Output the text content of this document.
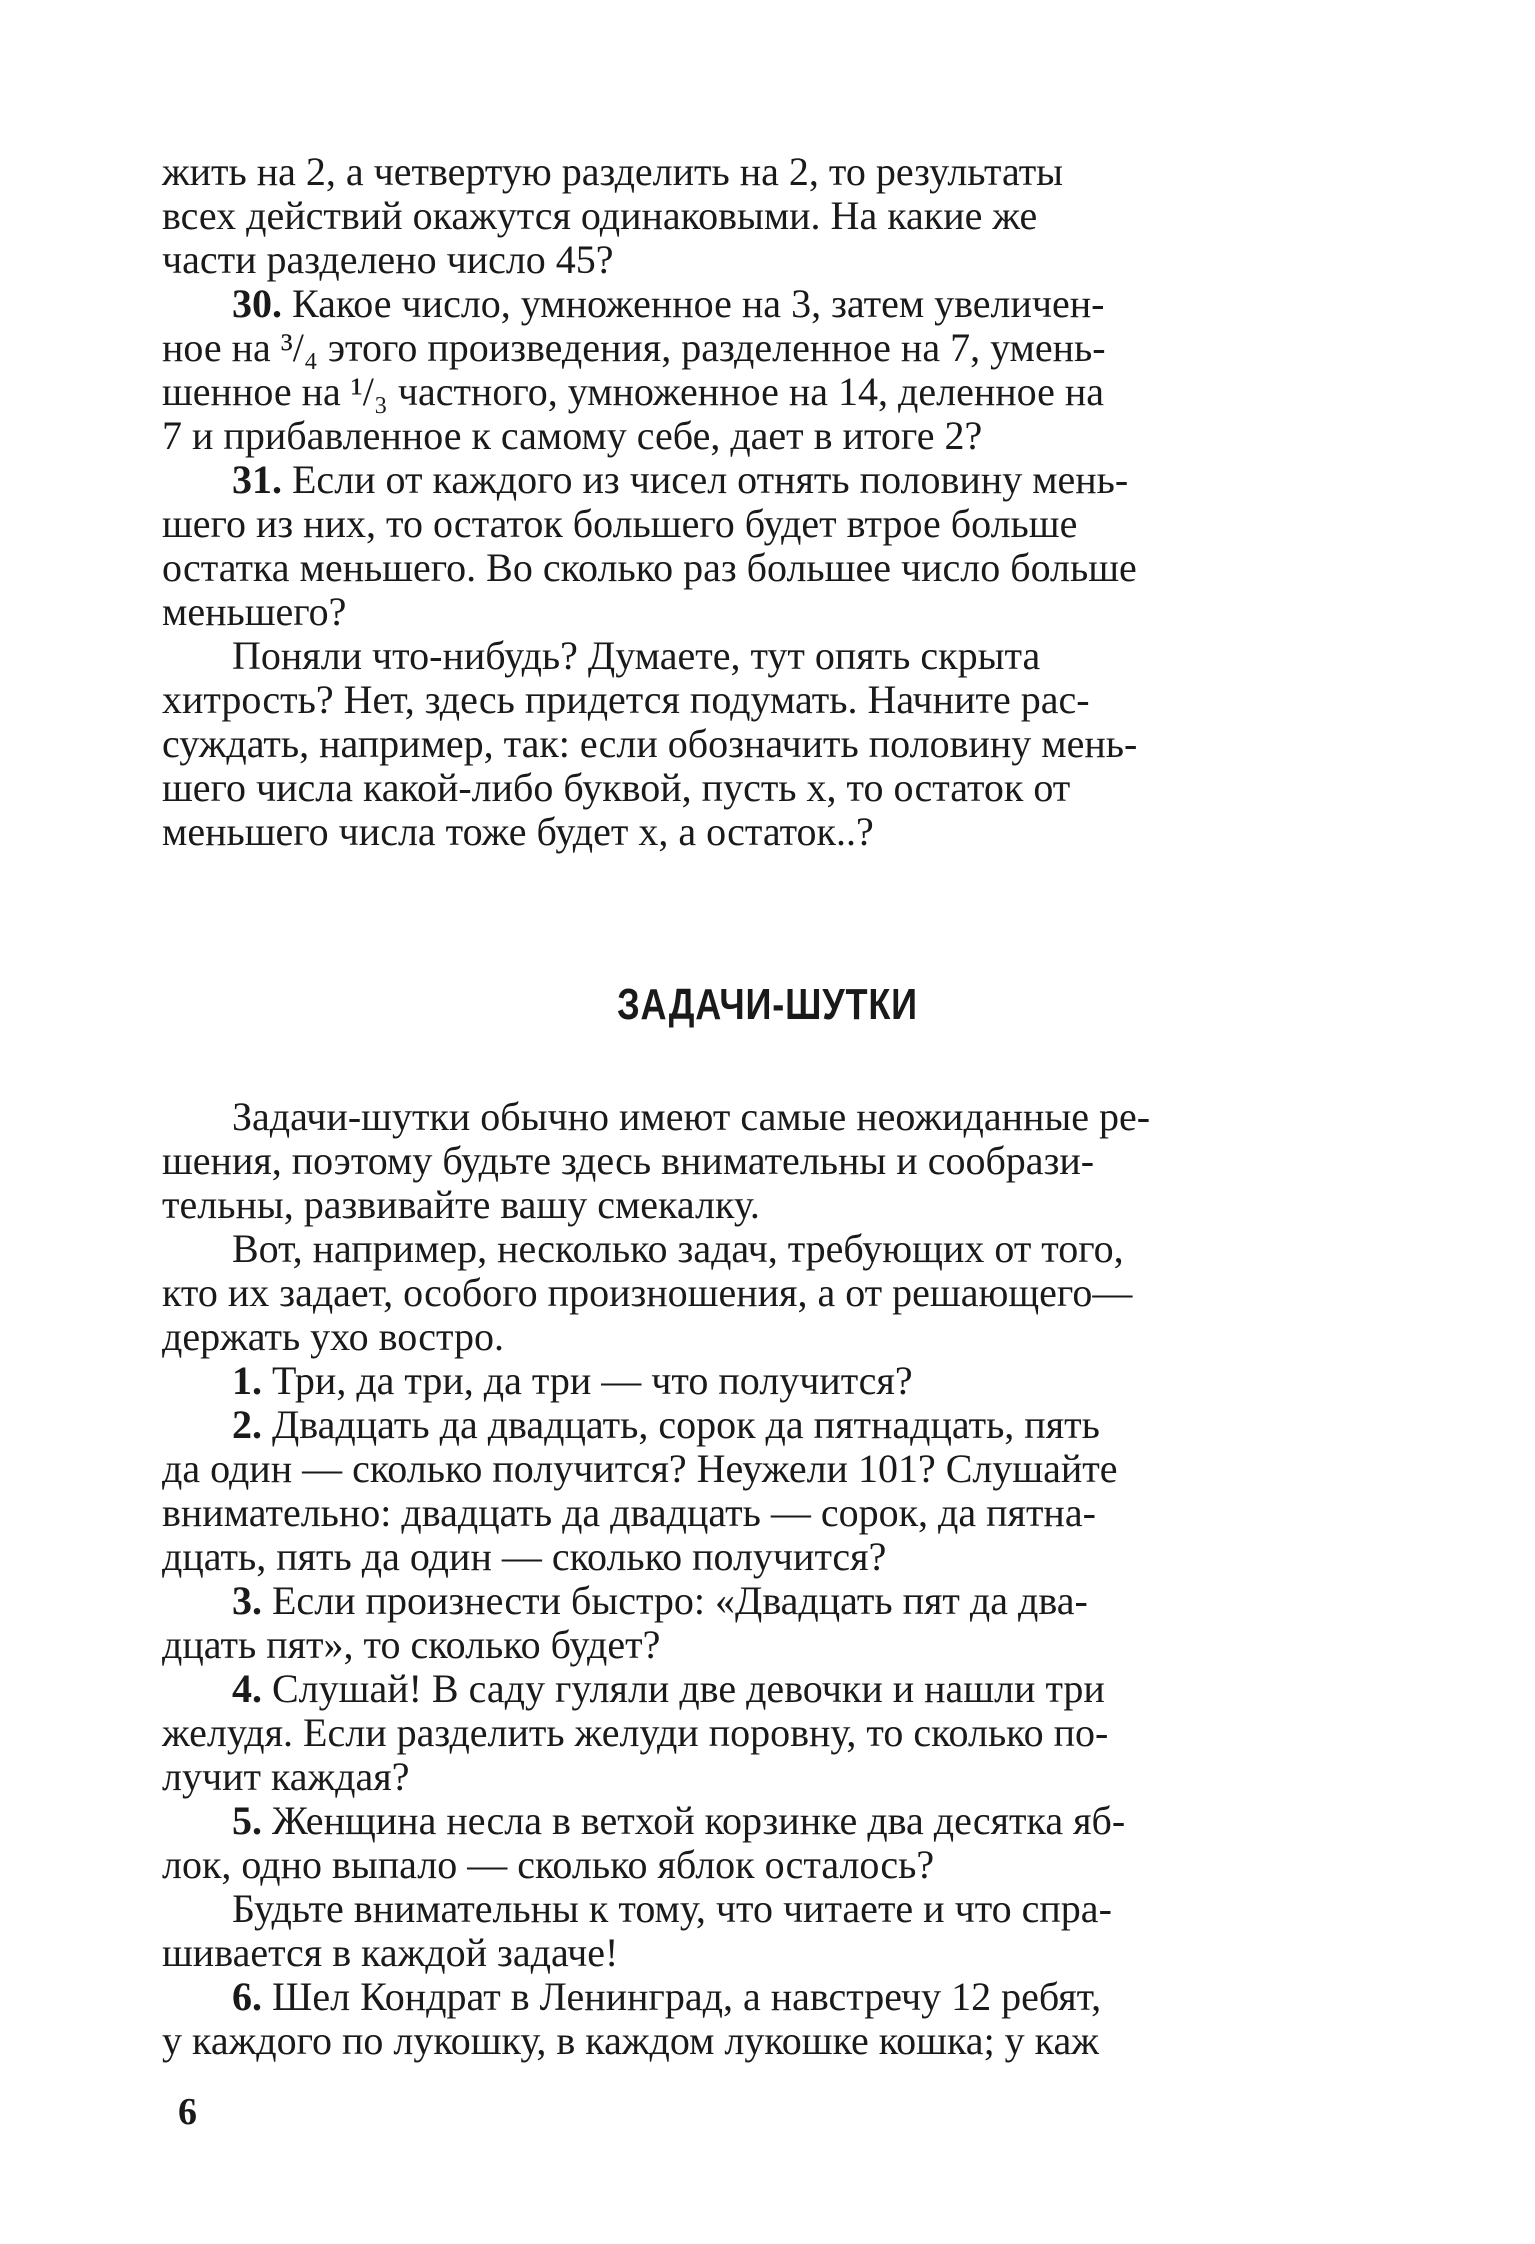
жить на 2, а четвертую разделить на 2, то результаты
всех действий окажутся одинаковыми. На какие же
части разделено число 45?
30. Какое число, умноженное на 3, затем увеличен-
ное на ³/₄ этого произведения, разделенное на 7, умень-
шенное на ¹/₃ частного, умноженное на 14, деленное на
7 и прибавленное к самому себе, дает в итоге 2?
31. Если от каждого из чисел отнять половину мень-
шего из них, то остаток большего будет втрое больше
остатка меньшего. Во сколько раз большее число больше
меньшего?
Поняли что-нибудь? Думаете, тут опять скрыта
хитрость? Нет, здесь придется подумать. Начните рас-
суждать, например, так: если обозначить половину мень-
шего числа какой-либо буквой, пусть x, то остаток от
меньшего числа тоже будет x, а остаток..?
ЗАДАЧИ-ШУТКИ
Задачи-шутки обычно имеют самые неожиданные ре-
шения, поэтому будьте здесь внимательны и сообрази-
тельны, развивайте вашу смекалку.
Вот, например, несколько задач, требующих от того,
кто их задает, особого произношения, а от решающего—
держать ухо востро.
1. Три, да три, да три — что получится?
2. Двадцать да двадцать, сорок да пятнадцать, пять
да один — сколько получится? Неужели 101? Слушайте
внимательно: двадцать да двадцать — сорок, да пятна-
дцать, пять да один — сколько получится?
3. Если произнести быстро: «Двадцать пят да два-
дцать пят», то сколько будет?
4. Слушай! В саду гуляли две девочки и нашли три
желудя. Если разделить желуди поровну, то сколько по-
лучит каждая?
5. Женщина несла в ветхой корзинке два десятка яб-
лок, одно выпало — сколько яблок осталось?
Будьте внимательны к тому, что читаете и что спра-
шивается в каждой задаче!
6. Шел Кондрат в Ленинград, а навстречу 12 ребят,
у каждого по лукошку, в каждом лукошке кошка; у каж
6
